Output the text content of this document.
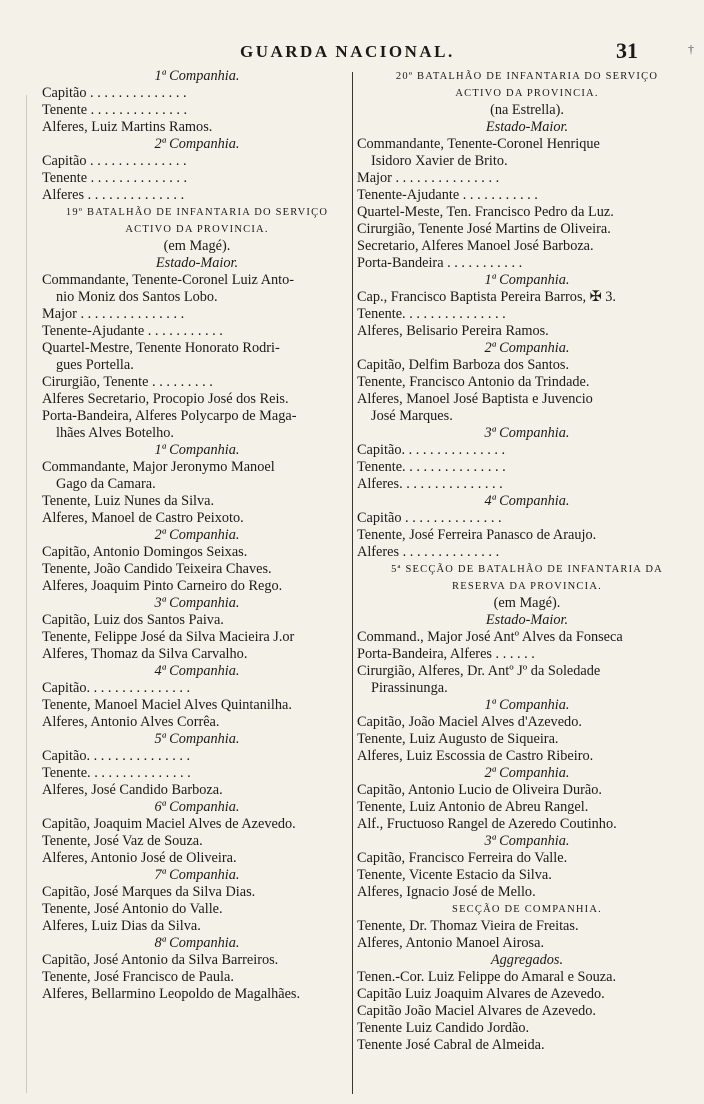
GUARDA NACIONAL.	31	†
1ª Companhia.
Capitão . . . . . . . . . . . . . .
Tenente . . . . . . . . . . . . . .
Alferes, Luiz Martins Ramos.
2ª Companhia.
Capitão . . . . . . . . . . . . . .
Tenente . . . . . . . . . . . . . .
Alferes . . . . . . . . . . . . . .
19º BATALHÃO DE INFANTARIA DO SERVIÇO
ACTIVO DA PROVINCIA.
(em Magé).
Estado-Maior.
Commandante, Tenente-Coronel Luiz Anto-
nio Moniz dos Santos Lobo.
Major . . . . . . . . . . . . . . .
Tenente-Ajudante . . . . . . . . . . .
Quartel-Mestre, Tenente Honorato Rodri-
gues Portella.
Cirurgião, Tenente . . . . . . . . .
Alferes Secretario, Procopio José dos Reis.
Porta-Bandeira, Alferes Polycarpo de Maga-
lhães Alves Botelho.
1ª Companhia.
Commandante, Major Jeronymo Manoel
Gago da Camara.
Tenente, Luiz Nunes da Silva.
Alferes, Manoel de Castro Peixoto.
2ª Companhia.
Capitão, Antonio Domingos Seixas.
Tenente, João Candido Teixeira Chaves.
Alferes, Joaquim Pinto Carneiro do Rego.
3ª Companhia.
Capitão, Luiz dos Santos Paiva.
Tenente, Felippe José da Silva Macieira J.or
Alferes, Thomaz da Silva Carvalho.
4ª Companhia.
Capitão. . . . . . . . . . . . . . .
Tenente, Manoel Maciel Alves Quintanilha.
Alferes, Antonio Alves Corrêa.
5ª Companhia.
Capitão. . . . . . . . . . . . . . .
Tenente. . . . . . . . . . . . . . .
Alferes, José Candido Barboza.
6ª Companhia.
Capitão, Joaquim Maciel Alves de Azevedo.
Tenente, José Vaz de Souza.
Alferes, Antonio José de Oliveira.
7ª Companhia.
Capitão, José Marques da Silva Dias.
Tenente, José Antonio do Valle.
Alferes, Luiz Dias da Silva.
8ª Companhia.
Capitão, José Antonio da Silva Barreiros.
Tenente, José Francisco de Paula.
Alferes, Bellarmino Leopoldo de Magalhães.
20º BATALHÃO DE INFANTARIA DO SERVIÇO
ACTIVO DA PROVINCIA.
(na Estrella).
Estado-Maior.
Commandante, Tenente-Coronel Henrique
Isidoro Xavier de Brito.
Major . . . . . . . . . . . . . . .
Tenente-Ajudante . . . . . . . . . . .
Quartel-Meste, Ten. Francisco Pedro da Luz.
Cirurgião, Tenente José Martins de Oliveira.
Secretario, Alferes Manoel José Barboza.
Porta-Bandeira . . . . . . . . . . .
1ª Companhia.
Cap., Francisco Baptista Pereira Barros, ✠ 3.
Tenente. . . . . . . . . . . . . . .
Alferes, Belisario Pereira Ramos.
2ª Companhia.
Capitão, Delfim Barboza dos Santos.
Tenente, Francisco Antonio da Trindade.
Alferes, Manoel José Baptista e Juvencio
José Marques.
3ª Companhia.
Capitão. . . . . . . . . . . . . . .
Tenente. . . . . . . . . . . . . . .
Alferes. . . . . . . . . . . . . . .
4ª Companhia.
Capitão . . . . . . . . . . . . . .
Tenente, José Ferreira Panasco de Araujo.
Alferes . . . . . . . . . . . . . .
5ª SECÇÃO DE BATALHÃO DE INFANTARIA DA
RESERVA DA PROVINCIA.
(em Magé).
Estado-Maior.
Command., Major José Antº Alves da Fonseca
Porta-Bandeira, Alferes . . . . . .
Cirurgião, Alferes, Dr. Antº Jº da Soledade
Pirassinunga.
1ª Companhia.
Capitão, João Maciel Alves d'Azevedo.
Tenente, Luiz Augusto de Siqueira.
Alferes, Luiz Escossia de Castro Ribeiro.
2ª Companhia.
Capitão, Antonio Lucio de Oliveira Durão.
Tenente, Luiz Antonio de Abreu Rangel.
Alf., Fructuoso Rangel de Azeredo Coutinho.
3ª Companhia.
Capitão, Francisco Ferreira do Valle.
Tenente, Vicente Estacio da Silva.
Alferes, Ignacio José de Mello.
SECÇÃO DE COMPANHIA.
Tenente, Dr. Thomaz Vieira de Freitas.
Alferes, Antonio Manoel Airosa.
Aggregados.
Tenen.-Cor. Luiz Felippe do Amaral e Souza.
Capitão Luiz Joaquim Alvares de Azevedo.
Capitão João Maciel Alvares de Azevedo.
Tenente Luiz Candido Jordão.
Tenente José Cabral de Almeida.
